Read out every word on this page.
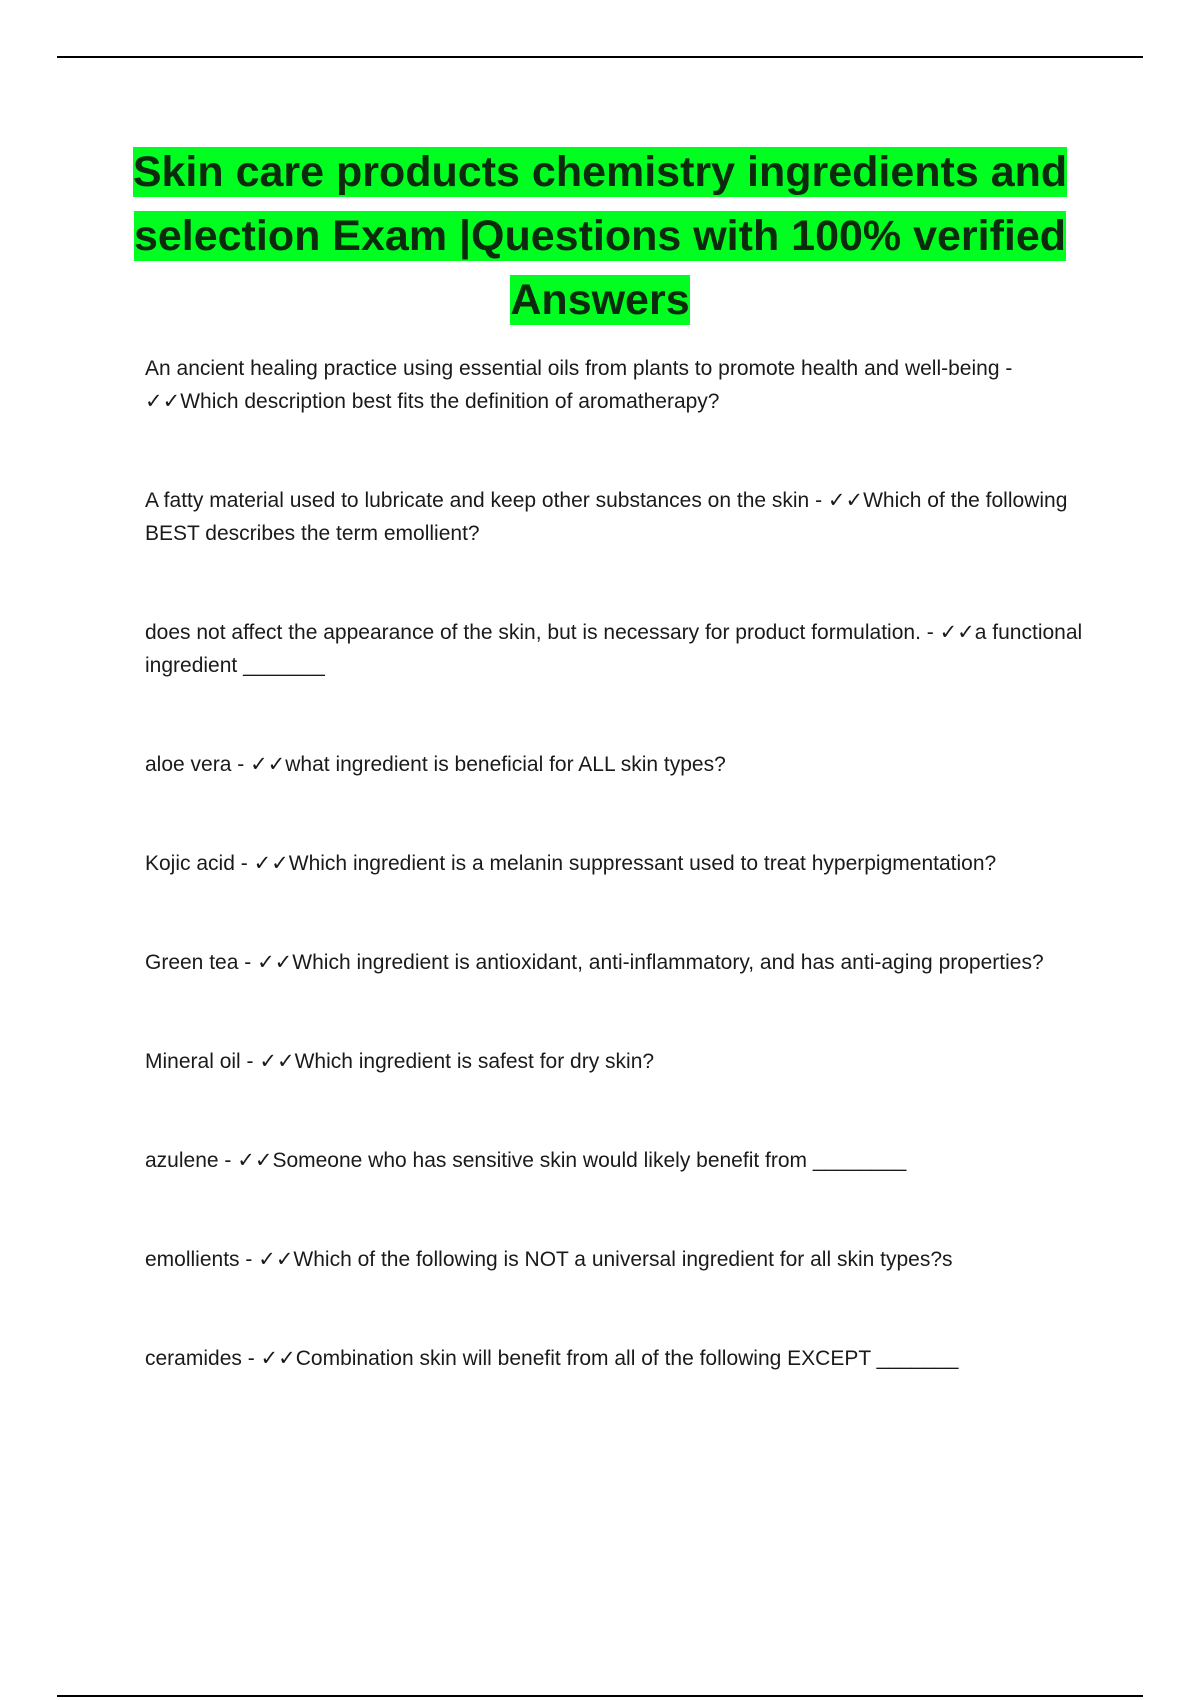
Skin care products chemistry ingredients and
selection Exam |Questions with 100% verified
Answers
An ancient healing practice using essential oils from plants to promote health and well-being - ✓✓Which description best fits the definition of aromatherapy?
A fatty material used to lubricate and keep other substances on the skin - ✓✓Which of the following BEST describes the term emollient?
does not affect the appearance of the skin, but is necessary for product formulation. - ✓✓a functional ingredient _______
aloe vera - ✓✓what ingredient is beneficial for ALL skin types?
Kojic acid - ✓✓Which ingredient is a melanin suppressant used to treat hyperpigmentation?
Green tea - ✓✓Which ingredient is antioxidant, anti-inflammatory, and has anti-aging properties?
Mineral oil - ✓✓Which ingredient is safest for dry skin?
azulene - ✓✓Someone who has sensitive skin would likely benefit from ________
emollients - ✓✓Which of the following is NOT a universal ingredient for all skin types?s
ceramides - ✓✓Combination skin will benefit from all of the following EXCEPT _______
